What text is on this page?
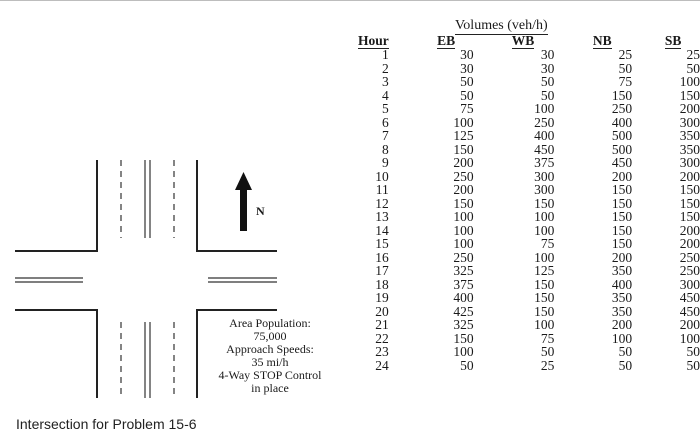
N
Area Population:
75,000
Approach Speeds:
35 mi/h
4-Way STOP Control
in place
Volumes (veh/h)
Hour	EB	WB	NB	SB
1	30	30	25	25
2	30	30	50	50
3	50	50	75	100
4	50	50	150	150
5	75	100	250	200
6	100	250	400	300
7	125	400	500	350
8	150	450	500	350
9	200	375	450	300
10	250	300	200	200
11	200	300	150	150
12	150	150	150	150
13	100	100	150	150
14	100	100	150	200
15	100	75	150	200
16	250	100	200	250
17	325	125	350	250
18	375	150	400	300
19	400	150	350	450
20	425	150	350	450
21	325	100	200	200
22	150	75	100	100
23	100	50	50	50
24	50	25	50	50
Intersection for Problem 15-6
